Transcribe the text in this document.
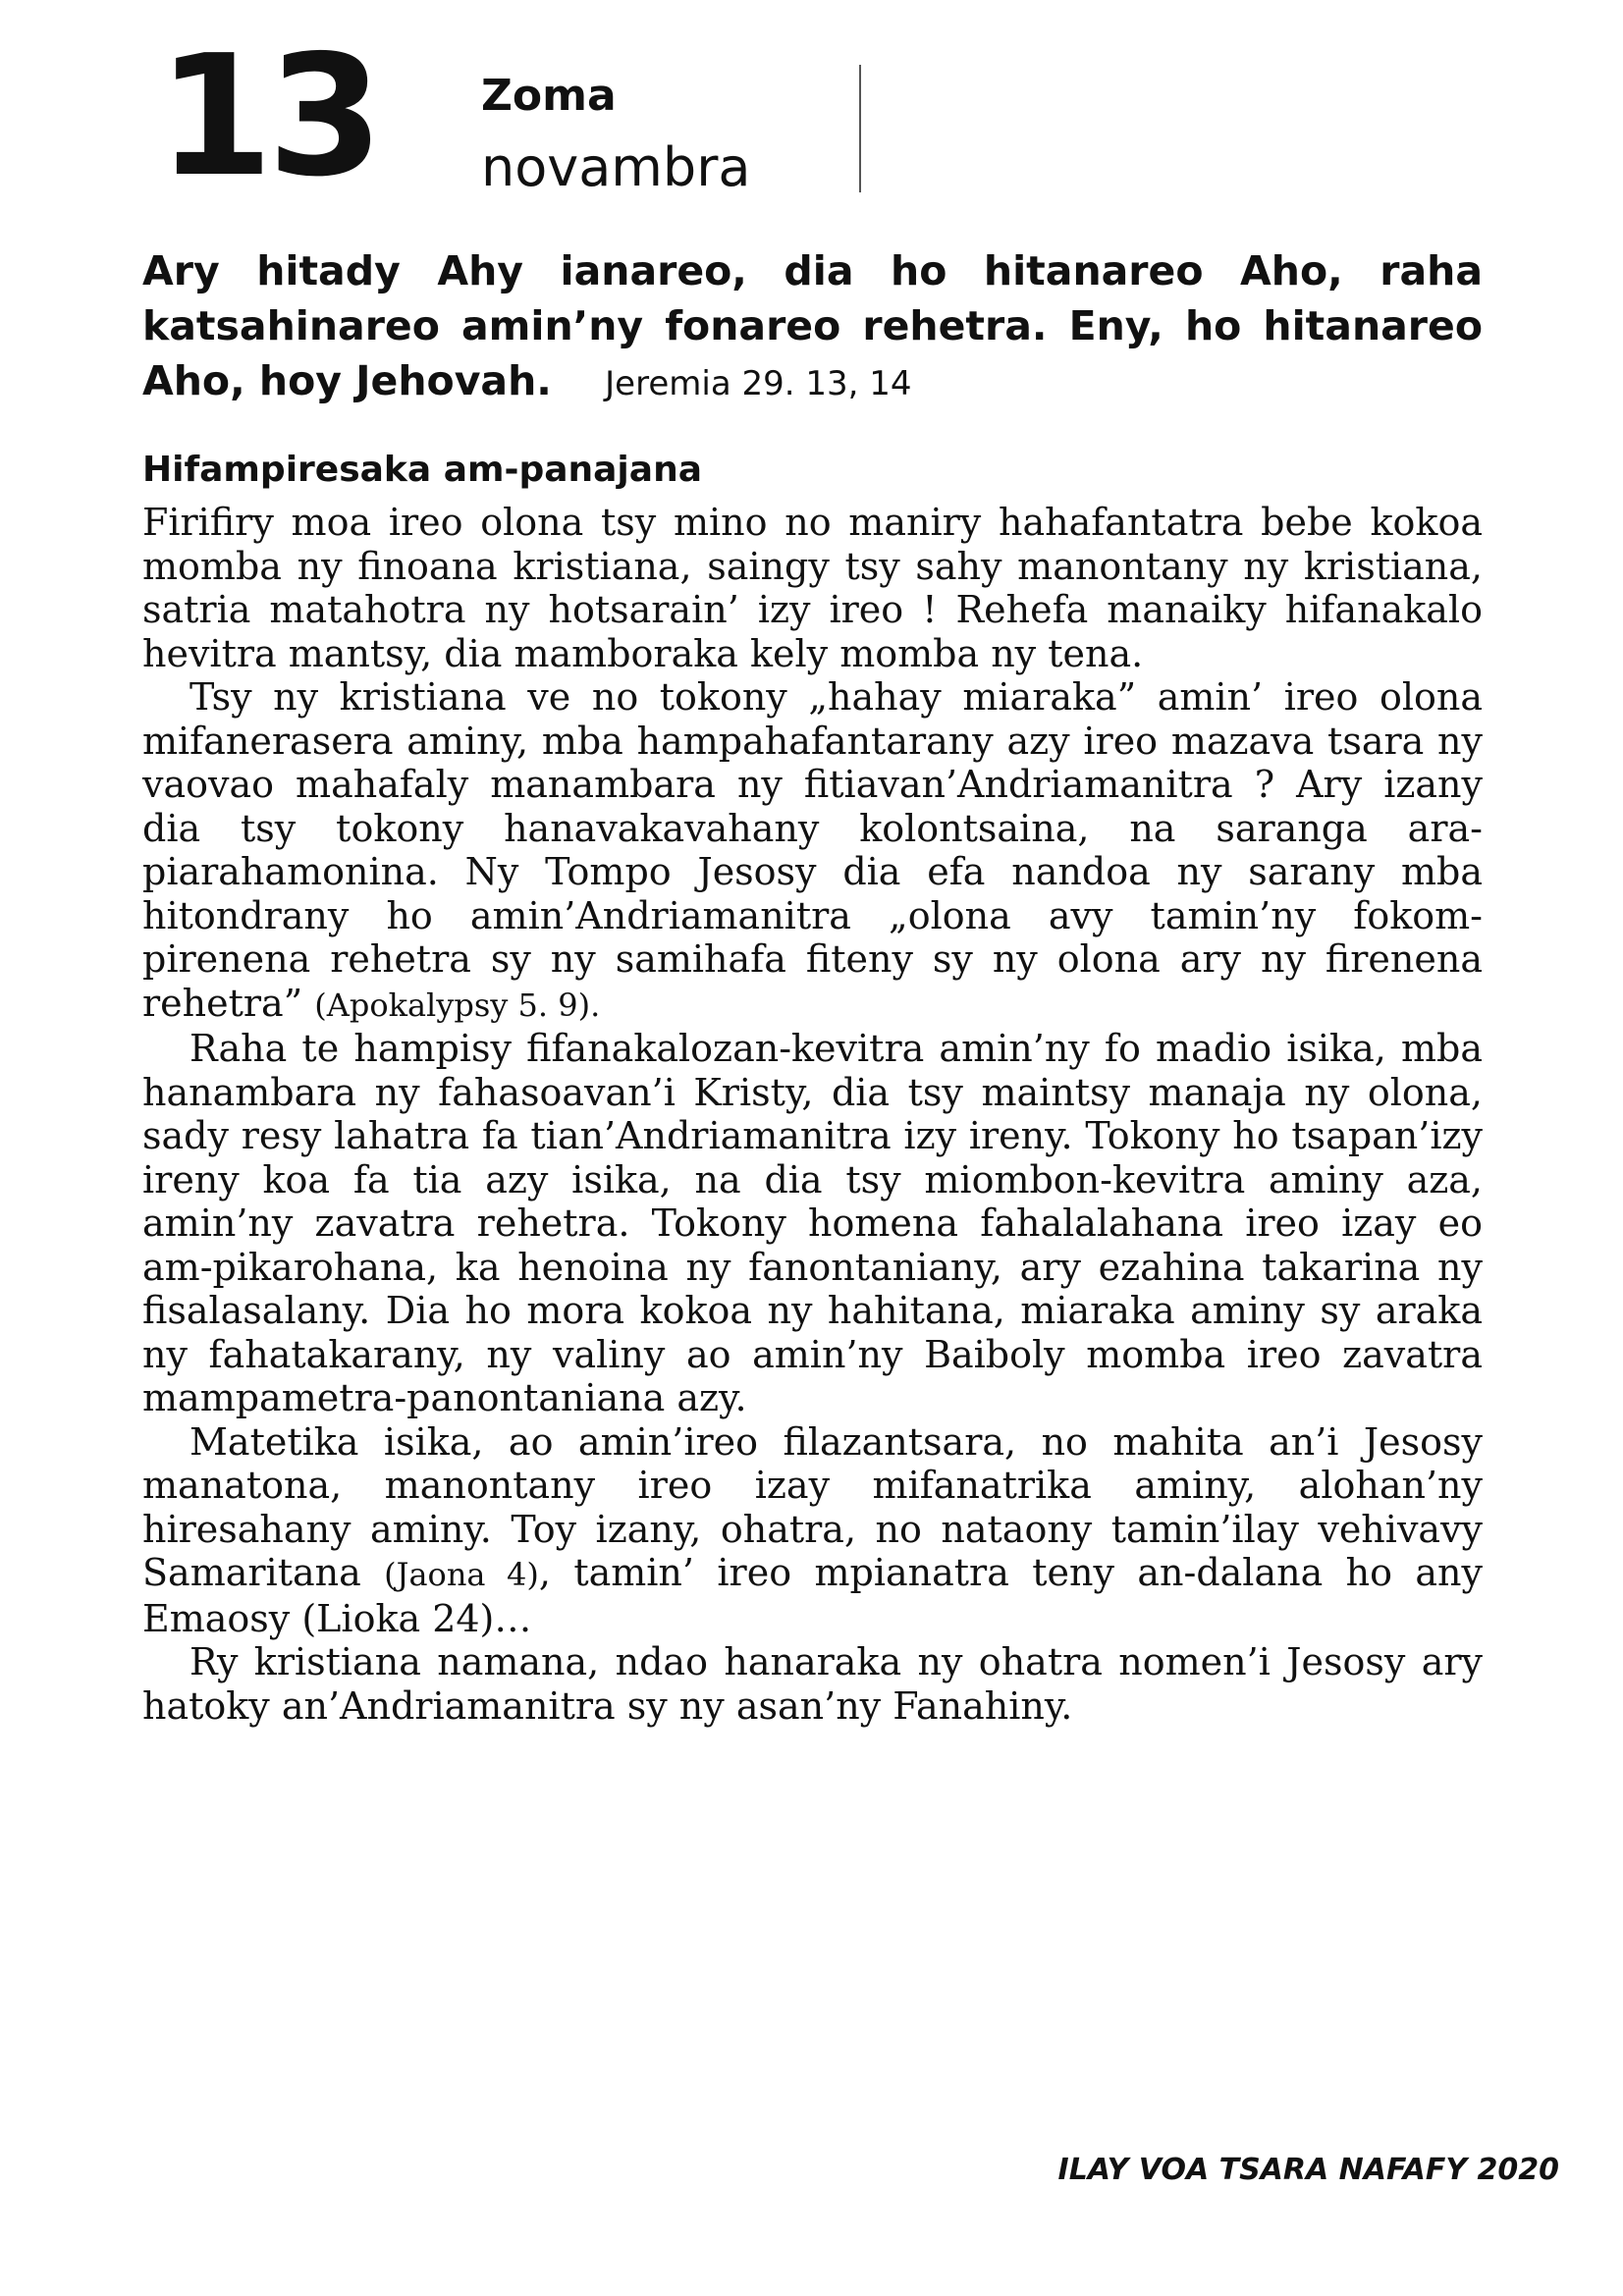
13 Zoma
novambra
Ary hitady Ahy ianareo, dia ho hitanareo Aho, raha katsahinareo amin’ny fonareo rehetra. Eny, ho hitanareo Aho, hoy Jehovah. Jeremia 29. 13, 14
Hifampiresaka am-panajana

Firifiry moa ireo olona tsy mino no maniry hahafantatra bebe kokoa momba ny finoana kristiana, saingy tsy sahy manontany ny kristiana, satria matahotra ny hotsarain’ izy ireo ! Rehefa manaiky hifanakalo hevitra mantsy, dia mamboraka kely momba ny tena.

Tsy ny kristiana ve no tokony „hahay miaraka” amin’ ireo olona mifanerasera aminy, mba hampahafantarany azy ireo mazava tsara ny vaovao mahafaly manambara ny fitiavan’Andriamanitra ? Ary izany dia tsy tokony hanavakavahany kolontsaina, na saranga ara-piarahamonina. Ny Tompo Jesosy dia efa nandoa ny sarany mba hitondrany ho amin’Andriamanitra „olona avy tamin’ny fokom-pirenena rehetra sy ny samihafa fiteny sy ny olona ary ny firenena rehetra” (Apokalypsy 5. 9).

Raha te hampisy fifanakalozan-kevitra amin’ny fo madio isika, mba hanambara ny fahasoavan’i Kristy, dia tsy maintsy manaja ny olona, sady resy lahatra fa tian’Andriamanitra izy ireny. Tokony ho tsapan’izy ireny koa fa tia azy isika, na dia tsy miombon-kevitra aminy aza, amin’ny zavatra rehetra. Tokony homena fahalalahana ireo izay eo am-pikarohana, ka henoina ny fanontaniany, ary ezahina takarina ny fisalasalany. Dia ho mora kokoa ny hahitana, miaraka aminy sy araka ny fahatakarany, ny valiny ao amin’ny Baiboly momba ireo zavatra mampametra-panontaniana azy.

Matetika isika, ao amin’ireo filazantsara, no mahita an’i Jesosy manatona, manontany ireo izay mifanatrika aminy, alohan’ny hiresahany aminy. Toy izany, ohatra, no nataony tamin’ilay vehivavy Samaritana (Jaona 4), tamin’ ireo mpianatra teny an-dalana ho any Emaosy (Lioka 24)…

Ry kristiana namana, ndao hanaraka ny ohatra nomen’i Jesosy ary hatoky an’Andriamanitra sy ny asan’ny Fanahiny.

ILAY VOA TSARA NAFAFY 2020
